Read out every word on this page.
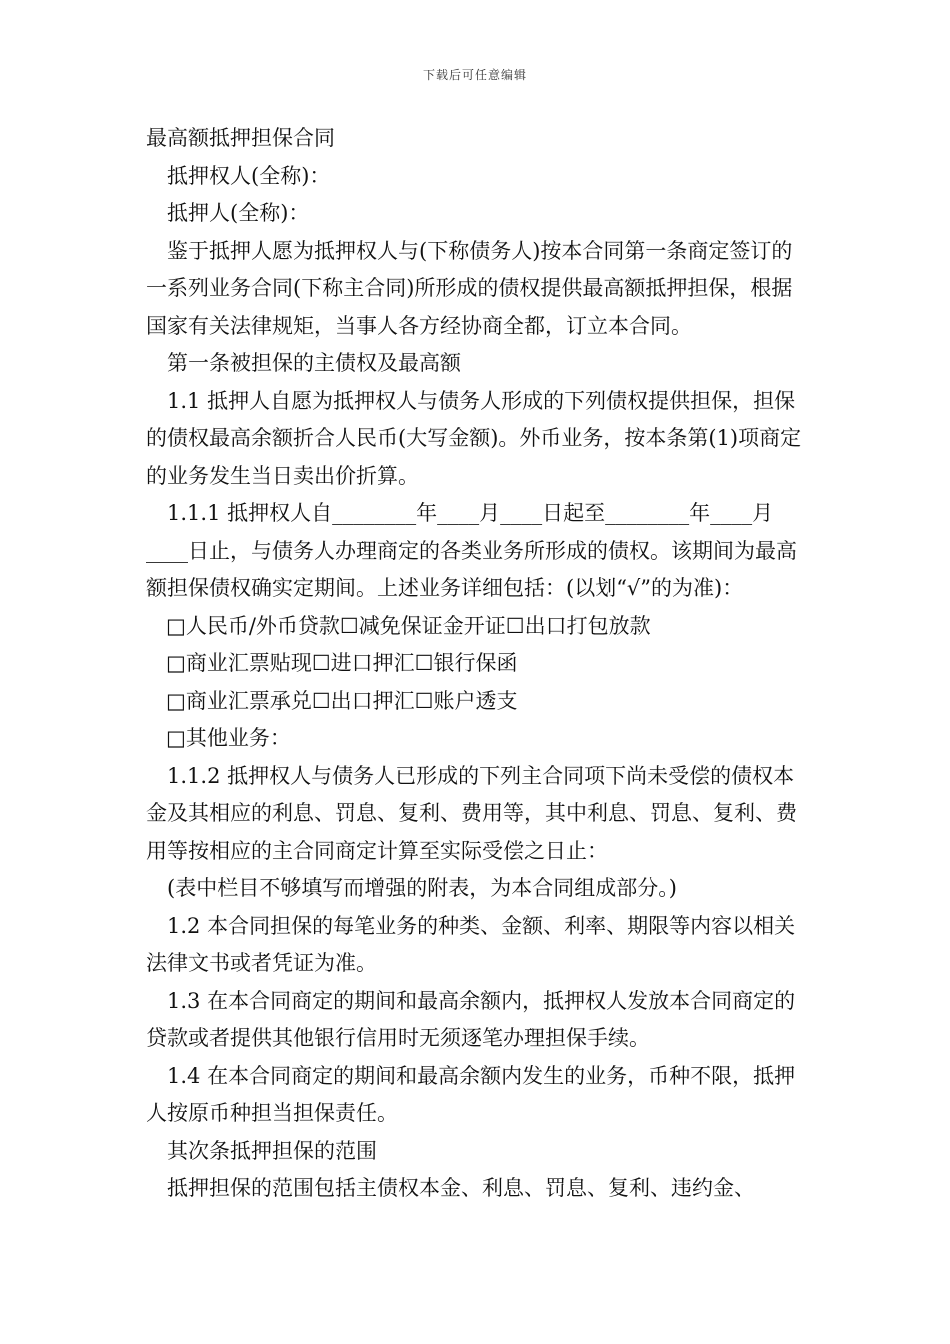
下载后可任意编辑

最高额抵押担保合同

抵押权人(全称)：

抵押人(全称)：

鉴于抵押人愿为抵押权人与(下称债务人)按本合同第一条商定签订的一系列业务合同(下称主合同)所形成的债权提供最高额抵押担保，根据国家有关法律规矩，当事人各方经协商全都，订立本合同。

第一条被担保的主债权及最高额

1.1 抵押人自愿为抵押权人与债务人形成的下列债权提供担保，担保的债权最高余额折合人民币(大写金额)。外币业务，按本条第(1)项商定的业务发生当日卖出价折算。

1.1.1 抵押权人自________年____月____日起至________年____月____日止，与债务人办理商定的各类业务所形成的债权。该期间为最高额担保债权确实定期间。上述业务详细包括：(以划“√”的为准)：

□人民币/外币贷款☐减免保证金开证☐出口打包放款

□商业汇票贴现☐进口押汇☐银行保函

□商业汇票承兑☐出口押汇☐账户透支

□其他业务：

1.1.2 抵押权人与债务人已形成的下列主合同项下尚未受偿的债权本金及其相应的利息、罚息、复利、费用等，其中利息、罚息、复利、费用等按相应的主合同商定计算至实际受偿之日止：

(表中栏目不够填写而增强的附表，为本合同组成部分。)

1.2 本合同担保的每笔业务的种类、金额、利率、期限等内容以相关法律文书或者凭证为准。

1.3 在本合同商定的期间和最高余额内，抵押权人发放本合同商定的贷款或者提供其他银行信用时无须逐笔办理担保手续。

1.4 在本合同商定的期间和最高余额内发生的业务，币种不限，抵押人按原币种担当担保责任。

其次条抵押担保的范围

抵押担保的范围包括主债权本金、利息、罚息、复利、违约金、
